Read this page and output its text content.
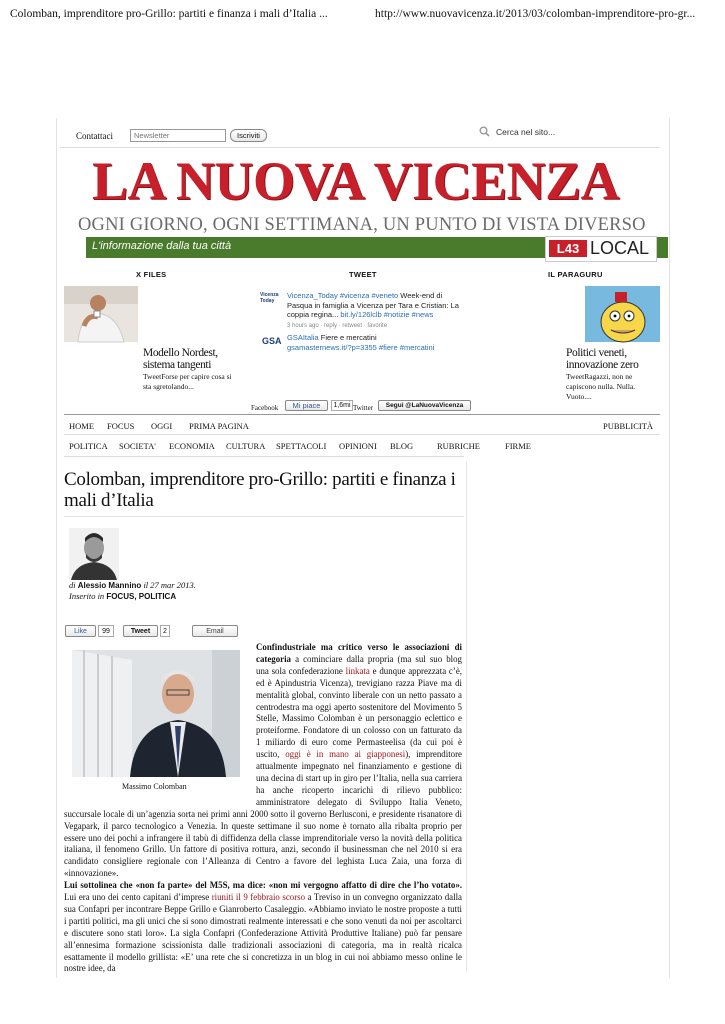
Colomban, imprenditore pro-Grillo: partiti e finanza i mali d’Italia ...	http://www.nuovavicenza.it/2013/03/colomban-imprenditore-pro-gr...
Contattaci
Newsletter	Iscriviti	Cerca nel sito...
LA NUOVA VICENZA
OGNI GIORNO, OGNI SETTIMANA, UN PUNTO DI VISTA DIVERSO
L'informazione dalla tua città	L43 LOCAL
X FILES	TWEET	IL PARAGURU
Modello Nordest, sistema tangenti
TweetForse per capire cosa si sta sgretolando...
Vicenza Today
Vicenza_Today #vicenza #veneto Week-end di Pasqua in famiglia a Vicenza per Tara e Cristian: La coppia regina... bit.ly/126lclb #notizie #news
3 hours ago · reply · retweet · favorite
GSA GSAItalia Fiere e mercatini
gsamasternews.it/?p=3355 #fiere #mercatini	Politici veneti, innovazione zero
TweetRagazzi, non ne capiscono nulla. Nulla. Vuoto....
Facebook	Mi piace	1,6mi Twitter	Segui @LaNuovaVicenza
HOME FOCUS OGGI PRIMA PAGINA	PUBBLICITÀ
POLITICA SOCIETA' ECONOMIA CULTURA SPETTACOLI OPINIONI BLOG	RUBRICHE	FIRME
Colomban, imprenditore pro-Grillo: partiti e finanza i mali d’Italia
di Alessio Mannino il 27 mar 2013.
Inserito in FOCUS, POLITICA
Like	99	Tweet	2	Email
Massimo Colomban
Confindustriale ma critico verso le associazioni di categoria a cominciare dalla propria (ma sul suo blog una sola confederazione linkata e dunque apprezzata c’è, ed è Apindustria Vicenza), trevigiano razza Piave ma di mentalità global, convinto liberale con un netto passato a centrodestra ma oggi aperto sostenitore del Movimento 5 Stelle, Massimo Colomban è un personaggio eclettico e proteiforme. Fondatore di un colosso con un fatturato da 1 miliardo di euro come Permasteelisa (da cui poi è uscito, oggi è in mano ai giapponesi), imprenditore attualmente impegnato nel finanziamento e gestione di una decina di start up in giro per l’Italia, nella sua carriera ha anche ricoperto incarichi di rilievo pubblico: amministratore delegato di Sviluppo Italia Veneto, succursale locale di un’agenzia sorta nei primi anni 2000 sotto il governo Berlusconi, e presidente risanatore di Vegapark, il parco tecnologico a Venezia. In queste settimane il suo nome è tornato alla ribalta proprio per essere uno dei pochi a infrangere il tabù di diffidenza della classe imprenditoriale verso la novità della politica italiana, il fenomeno Grillo. Un fattore di positiva rottura, anzi, secondo il businessman che nel 2010 si era candidato consigliere regionale con l’Alleanza di Centro a favore del leghista Luca Zaia, una forza di «innovazione».
Lui sottolinea che «non fa parte» del M5S, ma dice: «non mi vergogno affatto di dire che l’ho votato». Lui era uno dei cento capitani d’imprese riuniti il 9 febbraio scorso a Treviso in un convegno organizzato dalla sua Confapri per incontrare Beppe Grillo e Gianroberto Casaleggio. «Abbiamo inviato le nostre proposte a tutti i partiti politici, ma gli unici che si sono dimostrati realmente interessati e che sono venuti da noi per ascoltarci e discutere sono stati loro». La sigla Confapri (Confederazione Attività Produttive Italiane) può far pensare all’ennesima formazione scissionista dalle tradizionali associazioni di categoria, ma in realtà ricalca esattamente il modello grillista: «E’ una rete che si concretizza in un blog in cui noi abbiamo messo online le nostre idee, da
